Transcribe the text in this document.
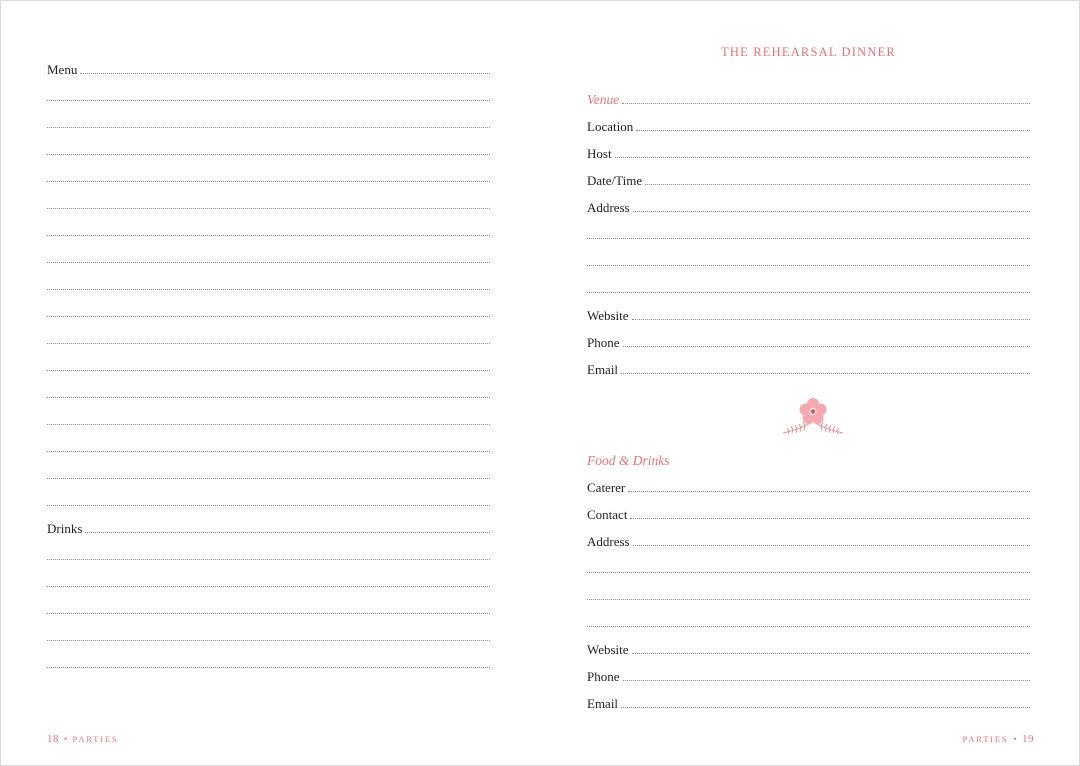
Menu
Drinks
18 • PARTIES
THE REHEARSAL DINNER
Venue
Location
Host
Date/Time
Address
Website
Phone
Email
Food & Drinks
Caterer
Contact
Address
Website
Phone
Email
PARTIES • 19
